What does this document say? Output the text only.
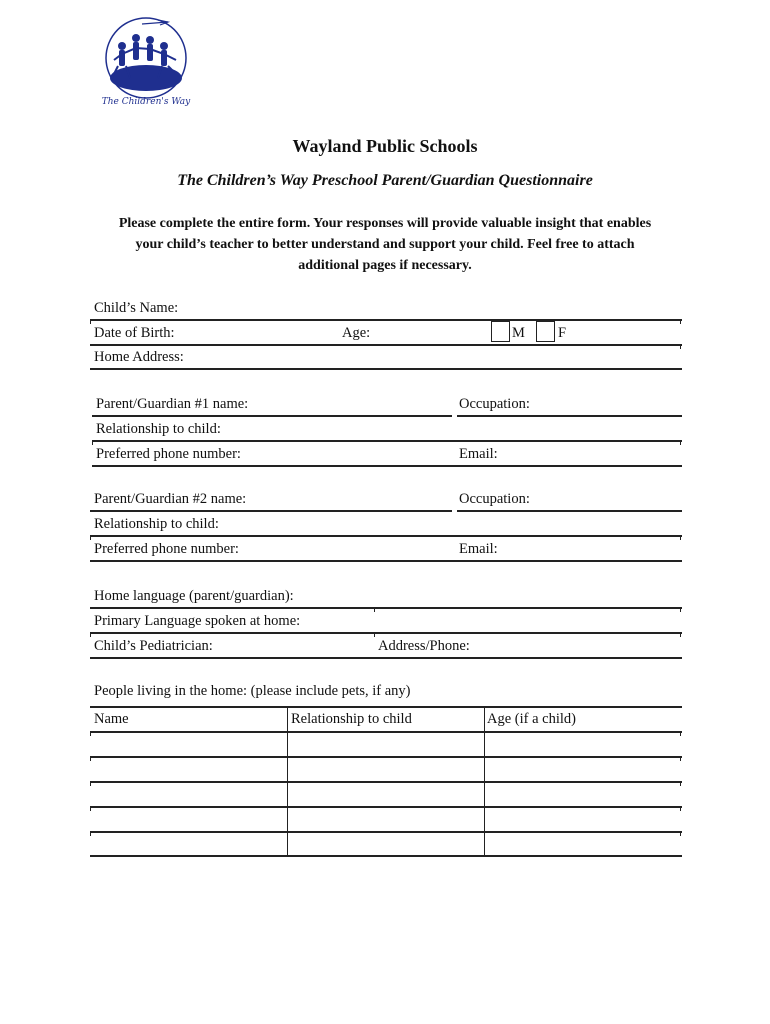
The Children's Way
Wayland Public Schools
The Children’s Way Preschool Parent/Guardian Questionnaire
Please complete the entire form. Your responses will provide valuable insight that enables
your child’s teacher to better understand and support your child. Feel free to attach
additional pages if necessary.
Child’s Name:
Date of Birth:	Age:	M F
Home Address:
Parent/Guardian #1 name:	Occupation:
Relationship to child:
Preferred phone number:	Email:
Parent/Guardian #2 name:	Occupation:
Relationship to child:
Preferred phone number:	Email:
Home language (parent/guardian):
Primary Language spoken at home:
Child’s Pediatrician:	Address/Phone:
People living in the home: (please include pets, if any)
Name	Relationship to child	Age (if a child)
